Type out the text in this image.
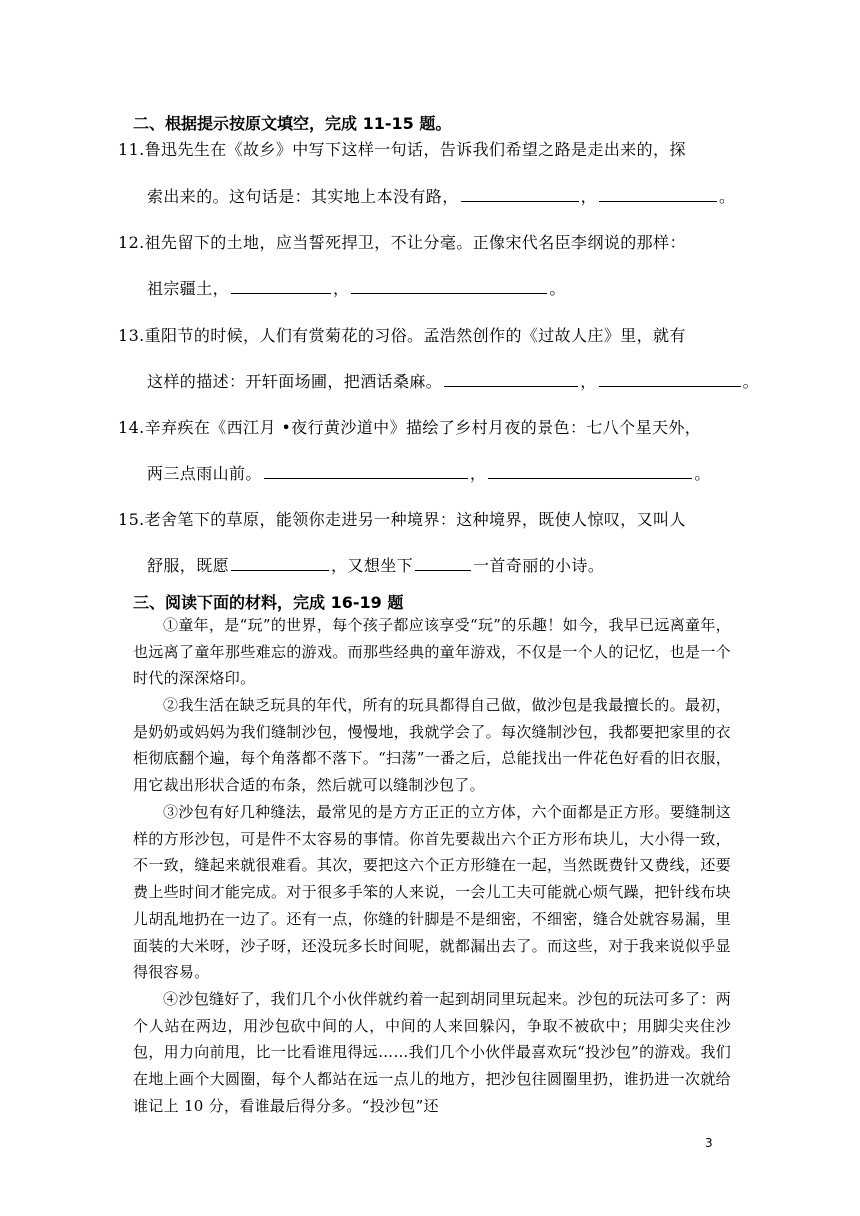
二、根据提示按原文填空，完成 11-15 题。
11.鲁迅先生在《故乡》中写下这样一句话，告诉我们希望之路是走出来的，探
索出来的。这句话是：其实地上本没有路，	，	。
12.祖先留下的土地，应当誓死捍卫，不让分毫。正像宋代名臣李纲说的那样：
祖宗疆土，	，	。
13.重阳节的时候，人们有赏菊花的习俗。孟浩然创作的《过故人庄》里，就有
这样的描述：开轩面场圃，把酒话桑麻。	，	。
14.辛弃疾在《西江月 •夜行黄沙道中》描绘了乡村月夜的景色：七八个星天外，
两三点雨山前。	，	。
15.老舍笔下的草原，能领你走进另一种境界：这种境界，既使人惊叹，又叫人
舒服，既愿	，又想坐下	一首奇丽的小诗。
三、阅读下面的材料，完成 16-19 题
①童年，是“玩”的世界，每个孩子都应该享受“玩”的乐趣！如今，我早已远离童年，也远离了童年那些难忘的游戏。而那些经典的童年游戏，不仅是一个人的记忆，也是一个时代的深深烙印。
②我生活在缺乏玩具的年代，所有的玩具都得自己做，做沙包是我最擅长的。最初，是奶奶或妈妈为我们缝制沙包，慢慢地，我就学会了。每次缝制沙包，我都要把家里的衣柜彻底翻个遍，每个角落都不落下。“扫荡”一番之后，总能找出一件花色好看的旧衣服，用它裁出形状合适的布条，然后就可以缝制沙包了。
③沙包有好几种缝法，最常见的是方方正正的立方体，六个面都是正方形。要缝制这样的方形沙包，可是件不太容易的事情。你首先要裁出六个正方形布块儿，大小得一致，不一致，缝起来就很难看。其次，要把这六个正方形缝在一起，当然既费针又费线，还要费上些时间才能完成。对于很多手笨的人来说，一会儿工夫可能就心烦气躁，把针线布块儿胡乱地扔在一边了。还有一点，你缝的针脚是不是细密，不细密，缝合处就容易漏，里面装的大米呀，沙子呀，还没玩多长时间呢，就都漏出去了。而这些，对于我来说似乎显得很容易。
④沙包缝好了，我们几个小伙伴就约着一起到胡同里玩起来。沙包的玩法可多了：两个人站在两边，用沙包砍中间的人，中间的人来回躲闪，争取不被砍中；用脚尖夹住沙包，用力向前甩，比一比看谁甩得远……我们几个小伙伴最喜欢玩“投沙包”的游戏。我们在地上画个大圆圈，每个人都站在远一点儿的地方，把沙包往圆圈里扔，谁扔进一次就给谁记上 10 分，看谁最后得分多。“投沙包”还
3
